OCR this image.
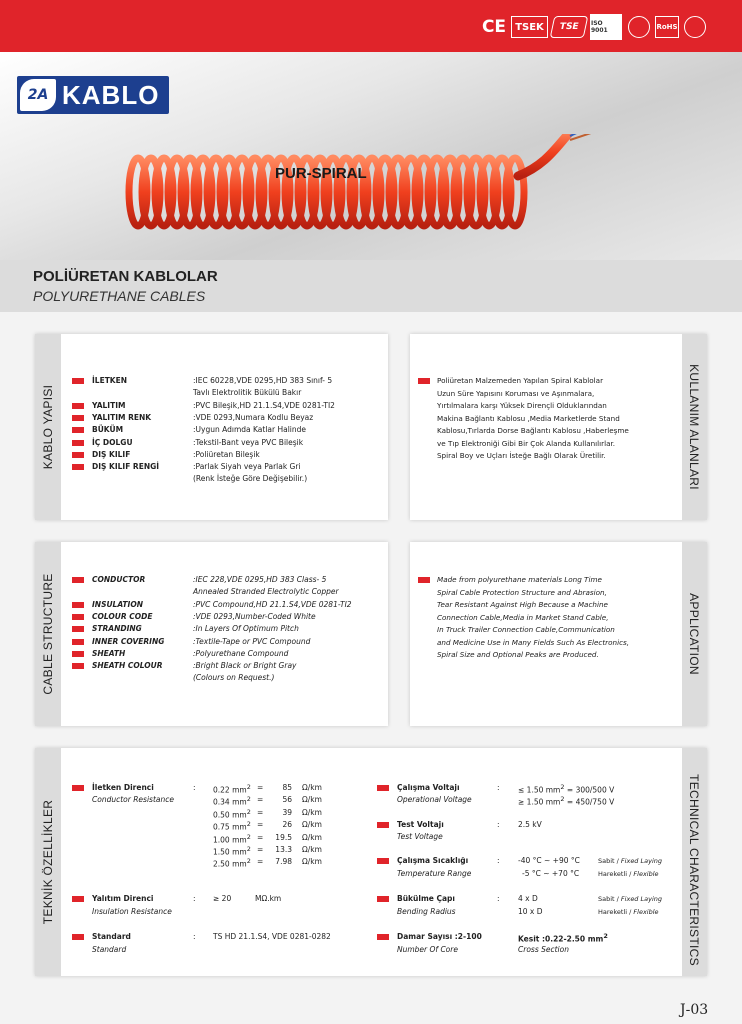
CE TSEK	TSE	ISO 9001	RoHS
2A KABLO
PUR-SPIRAL
POLİÜRETAN KABLOLAR
POLYURETHANE CABLES
KABLO YAPISI
İLETKEN	:IEC 60228,VDE 0295,HD 383 Sınıf- 5
Tavlı Elektrolitik Bükülü Bakır
YALITIM	:PVC Bileşik,HD 21.1.S4,VDE 0281-TI2
YALITIM RENK	:VDE 0293,Numara Kodlu Beyaz
BÜKÜM	:Uygun Adımda Katlar Halinde
İÇ DOLGU	:Tekstil-Bant veya PVC Bileşik
DIŞ KILIF	:Poliüretan Bileşik
DIŞ KILIF RENGİ	:Parlak Siyah veya Parlak Gri
(Renk İsteğe Göre Değişebilir.)	KULLANIM ALANLARI
Poliüretan Malzemeden Yapılan Spiral Kablolar
Uzun Süre Yapısını Koruması ve Aşınmalara,
Yırtılmalara karşı Yüksek Dirençli Olduklarından
Makina Bağlantı Kablosu ,Media Marketlerde Stand
Kablosu,Tırlarda Dorse Bağlantı Kablosu ,Haberleşme
ve Tıp Elektroniği Gibi Bir Çok Alanda Kullanılırlar.
Spiral Boy ve Uçları İsteğe Bağlı Olarak Üretilir.
CABLE STRUCTURE	CONDUCTOR	:IEC 228,VDE 0295,HD 383 Class- 5
Annealed Stranded Electrolytic Copper
INSULATION	:PVC Compound,HD 21.1.S4,VDE 0281-TI2
COLOUR CODE	:VDE 0293,Number-Coded White
STRANDING	:In Layers Of Optimum Pitch
INNER COVERING	:Textile-Tape or PVC Compound
SHEATH	:Polyurethane Compound
SHEATH COLOUR	:Bright Black or Bright Gray
(Colours on Request.)
APPLICATION
Made from polyurethane materials Long Time
Spiral Cable Protection Structure and Abrasion,
Tear Resistant Against High Because a Machine
Connection Cable,Media in Market Stand Cable,
In Truck Trailer Connection Cable,Communication
and Medicine Use in Many Fields Such As Electronics,
Spiral Size and Optional Peaks are Produced.
TEKNİK ÖZELLİKLER	TECHNICAL CHARACTERISTICS
İletken Direnci
Conductor Resistance
: 0.22 $mm^2$ =	85 Ω/km
0.34 $mm^2$ =	56 Ω/km
0.50 $mm^2$ =	39 Ω/km
0.75 $mm^2$ =	26 Ω/km
1.00 $mm^2$ =	19.5 Ω/km
1.50 $mm^2$ =	13.3 Ω/km
2.50 $mm^2$ =	7.98 Ω/km
Yalıtım Direnci
Insulation Resistance
: ≥ 20	MΩ.km
Standard
Standard
: TS HD 21.1.S4, VDE 0281-0282
Çalışma Voltajı
Operational Voltage
: ≤ 1.50 $mm^2 = 300/500$ V
≥ 1.50 $mm^2 = 450/750$ V
Test Voltajı
Test Voltage
: 2.5 kV
Çalışma Sıcaklığı
Temperature Range
: -40 °C ~ +90 °C	Sabit / Fixed Laying
-5 °C ~ +70 °C	Hareketli / Flexible
Bükülme Çapı
Bending Radius
: 4 x D	Sabit / Fixed Laying
10 x D	Hareketli / Flexible
Damar Sayısı :2-100
Number Of Core
Kesit :0.22-2.50 $mm^2$
Cross Section
J-03
